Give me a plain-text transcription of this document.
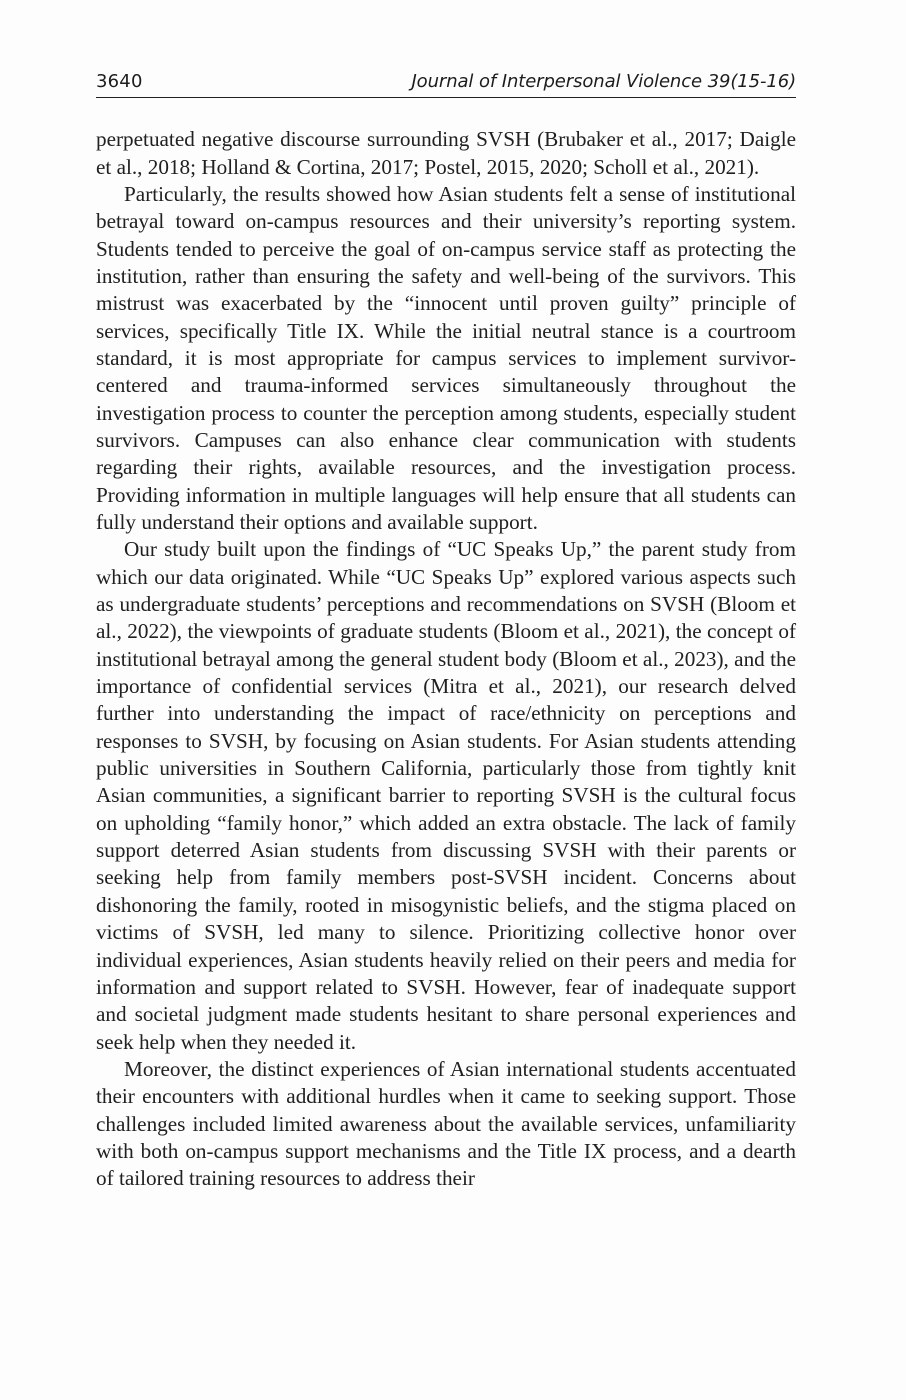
3640	Journal of Interpersonal Violence 39(15-16)

perpetuated negative discourse surrounding SVSH (Brubaker et al., 2017; Daigle et al., 2018; Holland & Cortina, 2017; Postel, 2015, 2020; Scholl et al., 2021).

Particularly, the results showed how Asian students felt a sense of institutional betrayal toward on-campus resources and their university’s reporting system. Students tended to perceive the goal of on-campus service staff as protecting the institution, rather than ensuring the safety and well-being of the survivors. This mistrust was exacerbated by the “innocent until proven guilty” principle of services, specifically Title IX. While the initial neutral stance is a courtroom standard, it is most appropriate for campus services to implement survivor-centered and trauma-informed services simultaneously throughout the investigation process to counter the perception among students, especially student survivors. Campuses can also enhance clear communication with students regarding their rights, available resources, and the investigation process. Providing information in multiple languages will help ensure that all students can fully understand their options and available support.

Our study built upon the findings of “UC Speaks Up,” the parent study from which our data originated. While “UC Speaks Up” explored various aspects such as undergraduate students’ perceptions and recommendations on SVSH (Bloom et al., 2022), the viewpoints of graduate students (Bloom et al., 2021), the concept of institutional betrayal among the general student body (Bloom et al., 2023), and the importance of confidential services (Mitra et al., 2021), our research delved further into understanding the impact of race/ethnicity on perceptions and responses to SVSH, by focusing on Asian students. For Asian students attending public universities in Southern California, particularly those from tightly knit Asian communities, a significant barrier to reporting SVSH is the cultural focus on upholding “family honor,” which added an extra obstacle. The lack of family support deterred Asian students from discussing SVSH with their parents or seeking help from family members post-SVSH incident. Concerns about dishonoring the family, rooted in misogynistic beliefs, and the stigma placed on victims of SVSH, led many to silence. Prioritizing collective honor over individual experiences, Asian students heavily relied on their peers and media for information and support related to SVSH. However, fear of inadequate support and societal judgment made students hesitant to share personal experiences and seek help when they needed it.

Moreover, the distinct experiences of Asian international students accentuated their encounters with additional hurdles when it came to seeking support. Those challenges included limited awareness about the available services, unfamiliarity with both on-campus support mechanisms and the Title IX process, and a dearth of tailored training resources to address their
